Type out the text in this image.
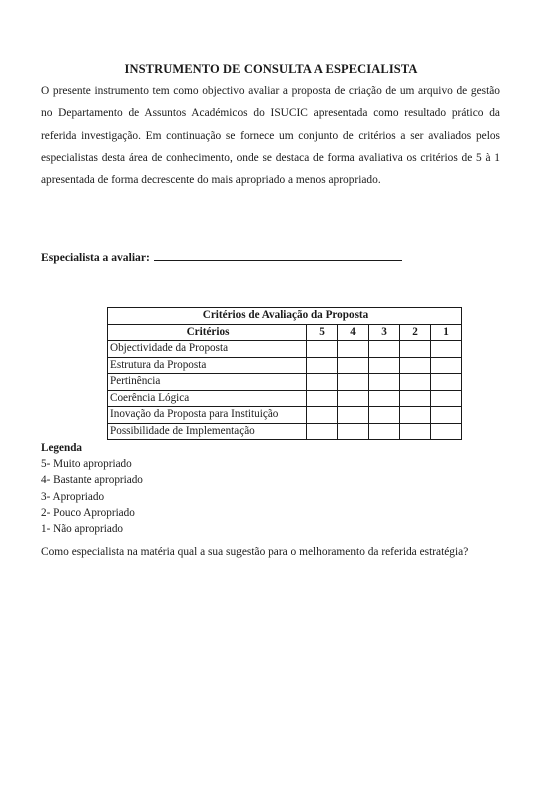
INSTRUMENTO DE CONSULTA A ESPECIALISTA

O presente instrumento tem como objectivo avaliar a proposta de criação de um arquivo de gestão no Departamento de Assuntos Académicos do ISUCIC apresentada como resultado prático da referida investigação. Em continuação se fornece um conjunto de critérios a ser avaliados pelos especialistas desta área de conhecimento, onde se destaca de forma avaliativa os critérios de 5 à 1 apresentada de forma decrescente do mais apropriado a menos apropriado.

Especialista a avaliar:
Critérios de Avaliação da Proposta					
Critérios	5	4	3	2	1
Objectividade da Proposta					
Estrutura da Proposta					
Pertinência					
Coerência Lógica					
Inovação da Proposta para Instituição					
Possibilidade de Implementação					
Legenda
5- Muito apropriado
4- Bastante apropriado
3- Apropriado
2- Pouco Apropriado
1- Não apropriado

Como especialista na matéria qual a sua sugestão para o melhoramento da referida estratégia?
